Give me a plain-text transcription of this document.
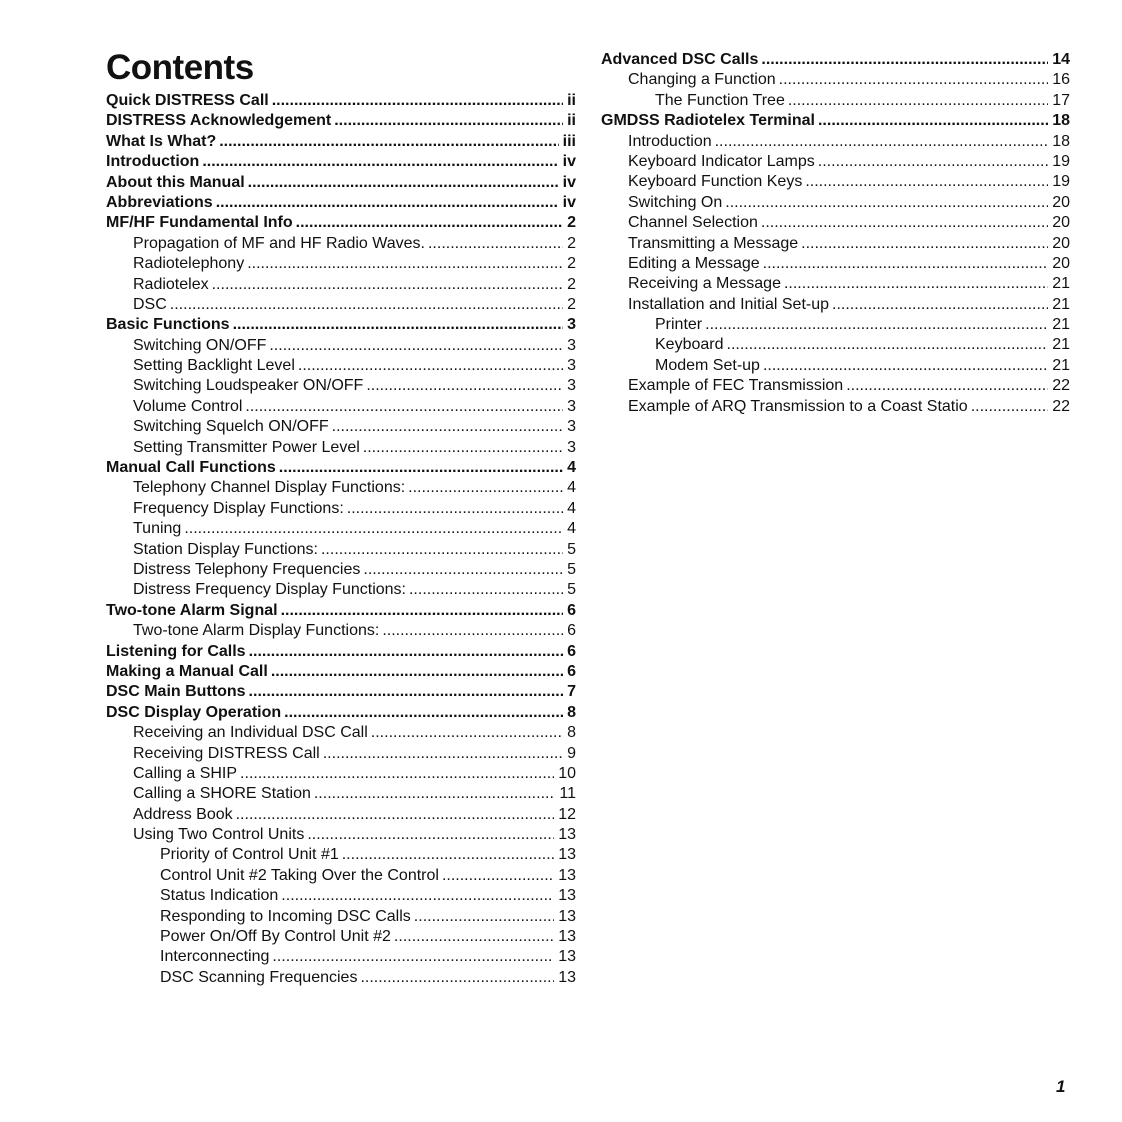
Contents
Quick DISTRESS Call .....	ii
DISTRESS Acknowledgement .....	ii
What Is What? .....	iii
Introduction .....	iv
About this Manual .....	iv
Abbreviations .....	iv
MF/HF Fundamental Info .....	2
Propagation of MF and HF Radio Waves. .....	2
Radiotelephony .....	2
Radiotelex .....	2
DSC .....	2
Basic Functions .....	3
Switching ON/OFF .....	3
Setting Backlight Level .....	3
Switching Loudspeaker ON/OFF .....	3
Volume Control .....	3
Switching Squelch ON/OFF .....	3
Setting Transmitter Power Level .....	3
Manual Call Functions .....	4
Telephony Channel Display Functions: .....	4
Frequency Display Functions: .....	4
Tuning .....	4
Station Display Functions: .....	5
Distress Telephony Frequencies .....	5
Distress Frequency Display Functions: .....	5
Two-tone Alarm Signal .....	6
Two-tone Alarm Display Functions: .....	6
Listening for Calls .....	6
Making a Manual Call .....	6
DSC Main Buttons .....	7
DSC Display Operation .....	8
Receiving an Individual DSC Call .....	8
Receiving DISTRESS Call .....	9
Calling a SHIP .....	10
Calling a SHORE Station .....	11
Address Book .....	12
Using Two Control Units .....	13
Priority of Control Unit #1 .....	13
Control Unit #2 Taking Over the Control .....	13
Status Indication .....	13
Responding to Incoming DSC Calls .....	13
Power On/Off By Control Unit #2 .....	13
Interconnecting .....	13
DSC Scanning Frequencies .....	13
Advanced DSC Calls .....	14
Changing a Function .....	16
The Function Tree .....	17
GMDSS Radiotelex Terminal .....	18
Introduction .....	18
Keyboard Indicator Lamps .....	19
Keyboard Function Keys .....	19
Switching On .....	20
Channel Selection .....	20
Transmitting a Message .....	20
Editing a Message .....	20
Receiving a Message .....	21
Installation and Initial Set-up .....	21
Printer .....	21
Keyboard .....	21
Modem Set-up .....	21
Example of FEC Transmission .....	22
Example of ARQ Transmission to a Coast Statio .....	22
1
